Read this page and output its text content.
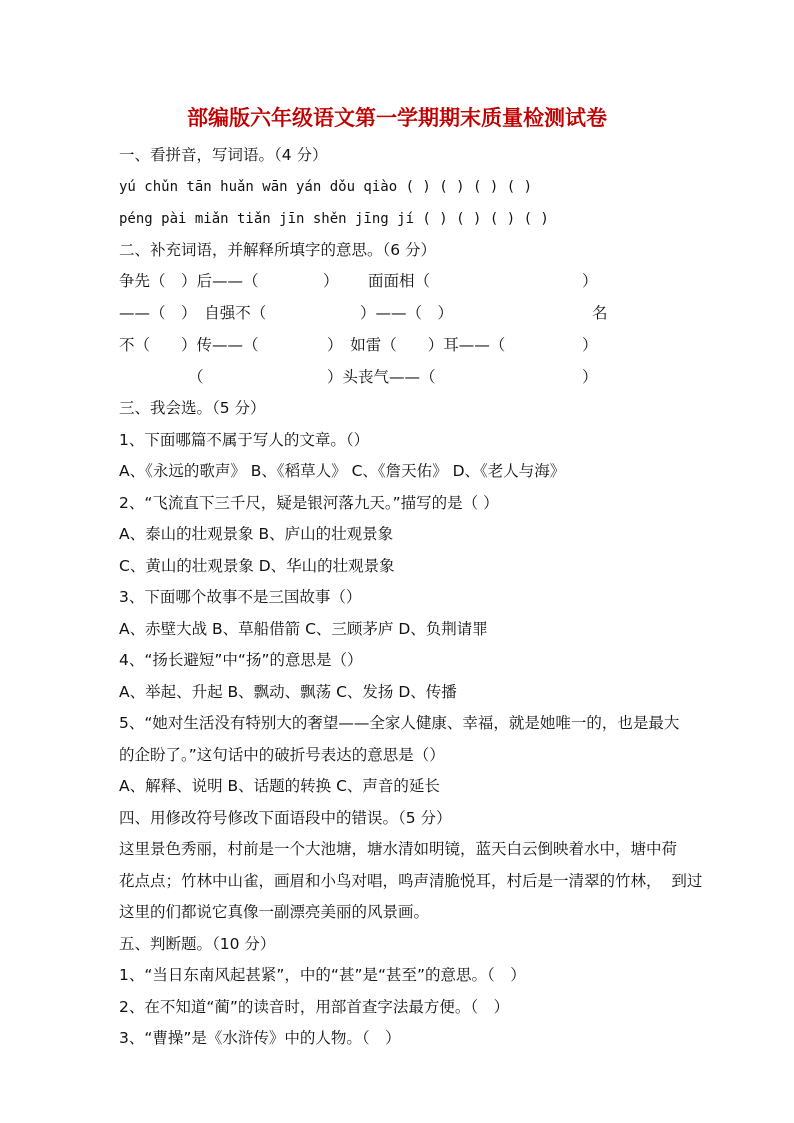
部编版六年级语文第一学期期末质量检测试卷
一、看拼音，写词语。（4 分）
yú chǔn tān huǎn wān yán dǒu qiào ( ) ( ) ( ) ( )
péng pài miǎn tiǎn jīn shěn jīng jí ( ) ( ) ( ) ( )
二、补充词语，并解释所填字的意思。（6 分）
争先（　）后——（	） 面面相（	）
——（　）　自强不（	）——（　）	名
不（　　）传——（	）　如雷（　　）耳——（	）
（	）头丧气——（	）
三、我会选。（5 分）
1、下面哪篇不属于写人的文章。（）
A、《永远的歌声》 B、《稻草人》 C、《詹天佑》 D、《老人与海》
2、“飞流直下三千尺，疑是银河落九天。”描写的是（ ）
A、泰山的壮观景象 B、庐山的壮观景象
C、黄山的壮观景象 D、华山的壮观景象
3、下面哪个故事不是三国故事（）
A、赤壁大战 B、草船借箭 C、三顾茅庐 D、负荆请罪
4、“扬长避短”中“扬”的意思是（）
A、举起、升起 B、飘动、飘荡 C、发扬 D、传播
5、“她对生活没有特别大的奢望——全家人健康、幸福，就是她唯一的，也是最大
的企盼了。”这句话中的破折号表达的意思是（）
A、解释、说明 B、话题的转换 C、声音的延长
四、用修改符号修改下面语段中的错误。（5 分）
这里景色秀丽，村前是一个大池塘，塘水清如明镜，蓝天白云倒映着水中，塘中荷
花点点；竹林中山雀，画眉和小鸟对唱，鸣声清脆悦耳，村后是一清翠的竹林，  到过
这里的们都说它真像一副漂亮美丽的风景画。
五、判断题。（10 分）
1、“当日东南风起甚紧”，中的“甚”是“甚至”的意思。（　）
2、在不知道“蔺”的读音时，用部首查字法最方便。（　）
3、“曹操”是《水浒传》中的人物。（　）
